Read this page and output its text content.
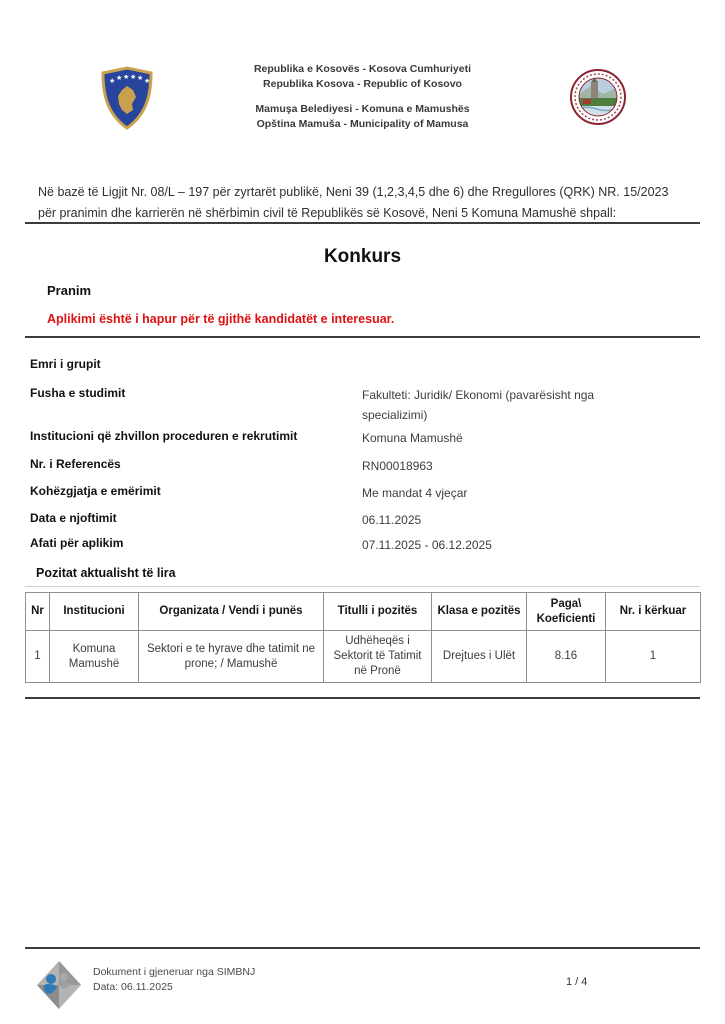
★ ★ ★ ★ ★ ★
Republika e Kosovës - Kosova Cumhuriyeti
Republika Kosova - Republic of Kosovo
Mamuşa Belediyesi - Komuna e Mamushës
Opština Mamuša - Municipality of Mamusa
Në bazë të Ligjit Nr. 08/L – 197 për zyrtarët publikë, Neni 39 (1,2,3,4,5 dhe 6) dhe Rregullores (QRK) NR. 15/2023 për pranimin dhe karrierën në shërbimin civil të Republikës së Kosovë, Neni 5 Komuna Mamushë shpall:
Konkurs
Pranim
Aplikimi është i hapur për të gjithë kandidatët e interesuar.
Emri i grupit
Fusha e studimit	Fakulteti: Juridik/ Ekonomi (pavarësisht nga specializimi)
Institucioni që zhvillon proceduren e rekrutimit	Komuna Mamushë
Nr. i Referencës	RN00018963
Kohëzgjatja e emërimit	Me mandat 4 vjeçar
Data e njoftimit	06.11.2025
Afati për aplikim	07.11.2025 - 06.12.2025
Pozitat aktualisht të lira
Nr	Institucioni	Organizata / Vendi i punës	Titulli i pozitës	Klasa e pozitës	Paga\ Koeficienti	Nr. i kërkuar
1	Komuna Mamushë	Sektori e te hyrave dhe tatimit ne prone; / Mamushë	Udhëheqës i Sektorit të Tatimit në Pronë	Drejtues i Ulët	8.16	1
Dokument i gjeneruar nga SIMBNJ
Data: 06.11.2025	1 / 4
